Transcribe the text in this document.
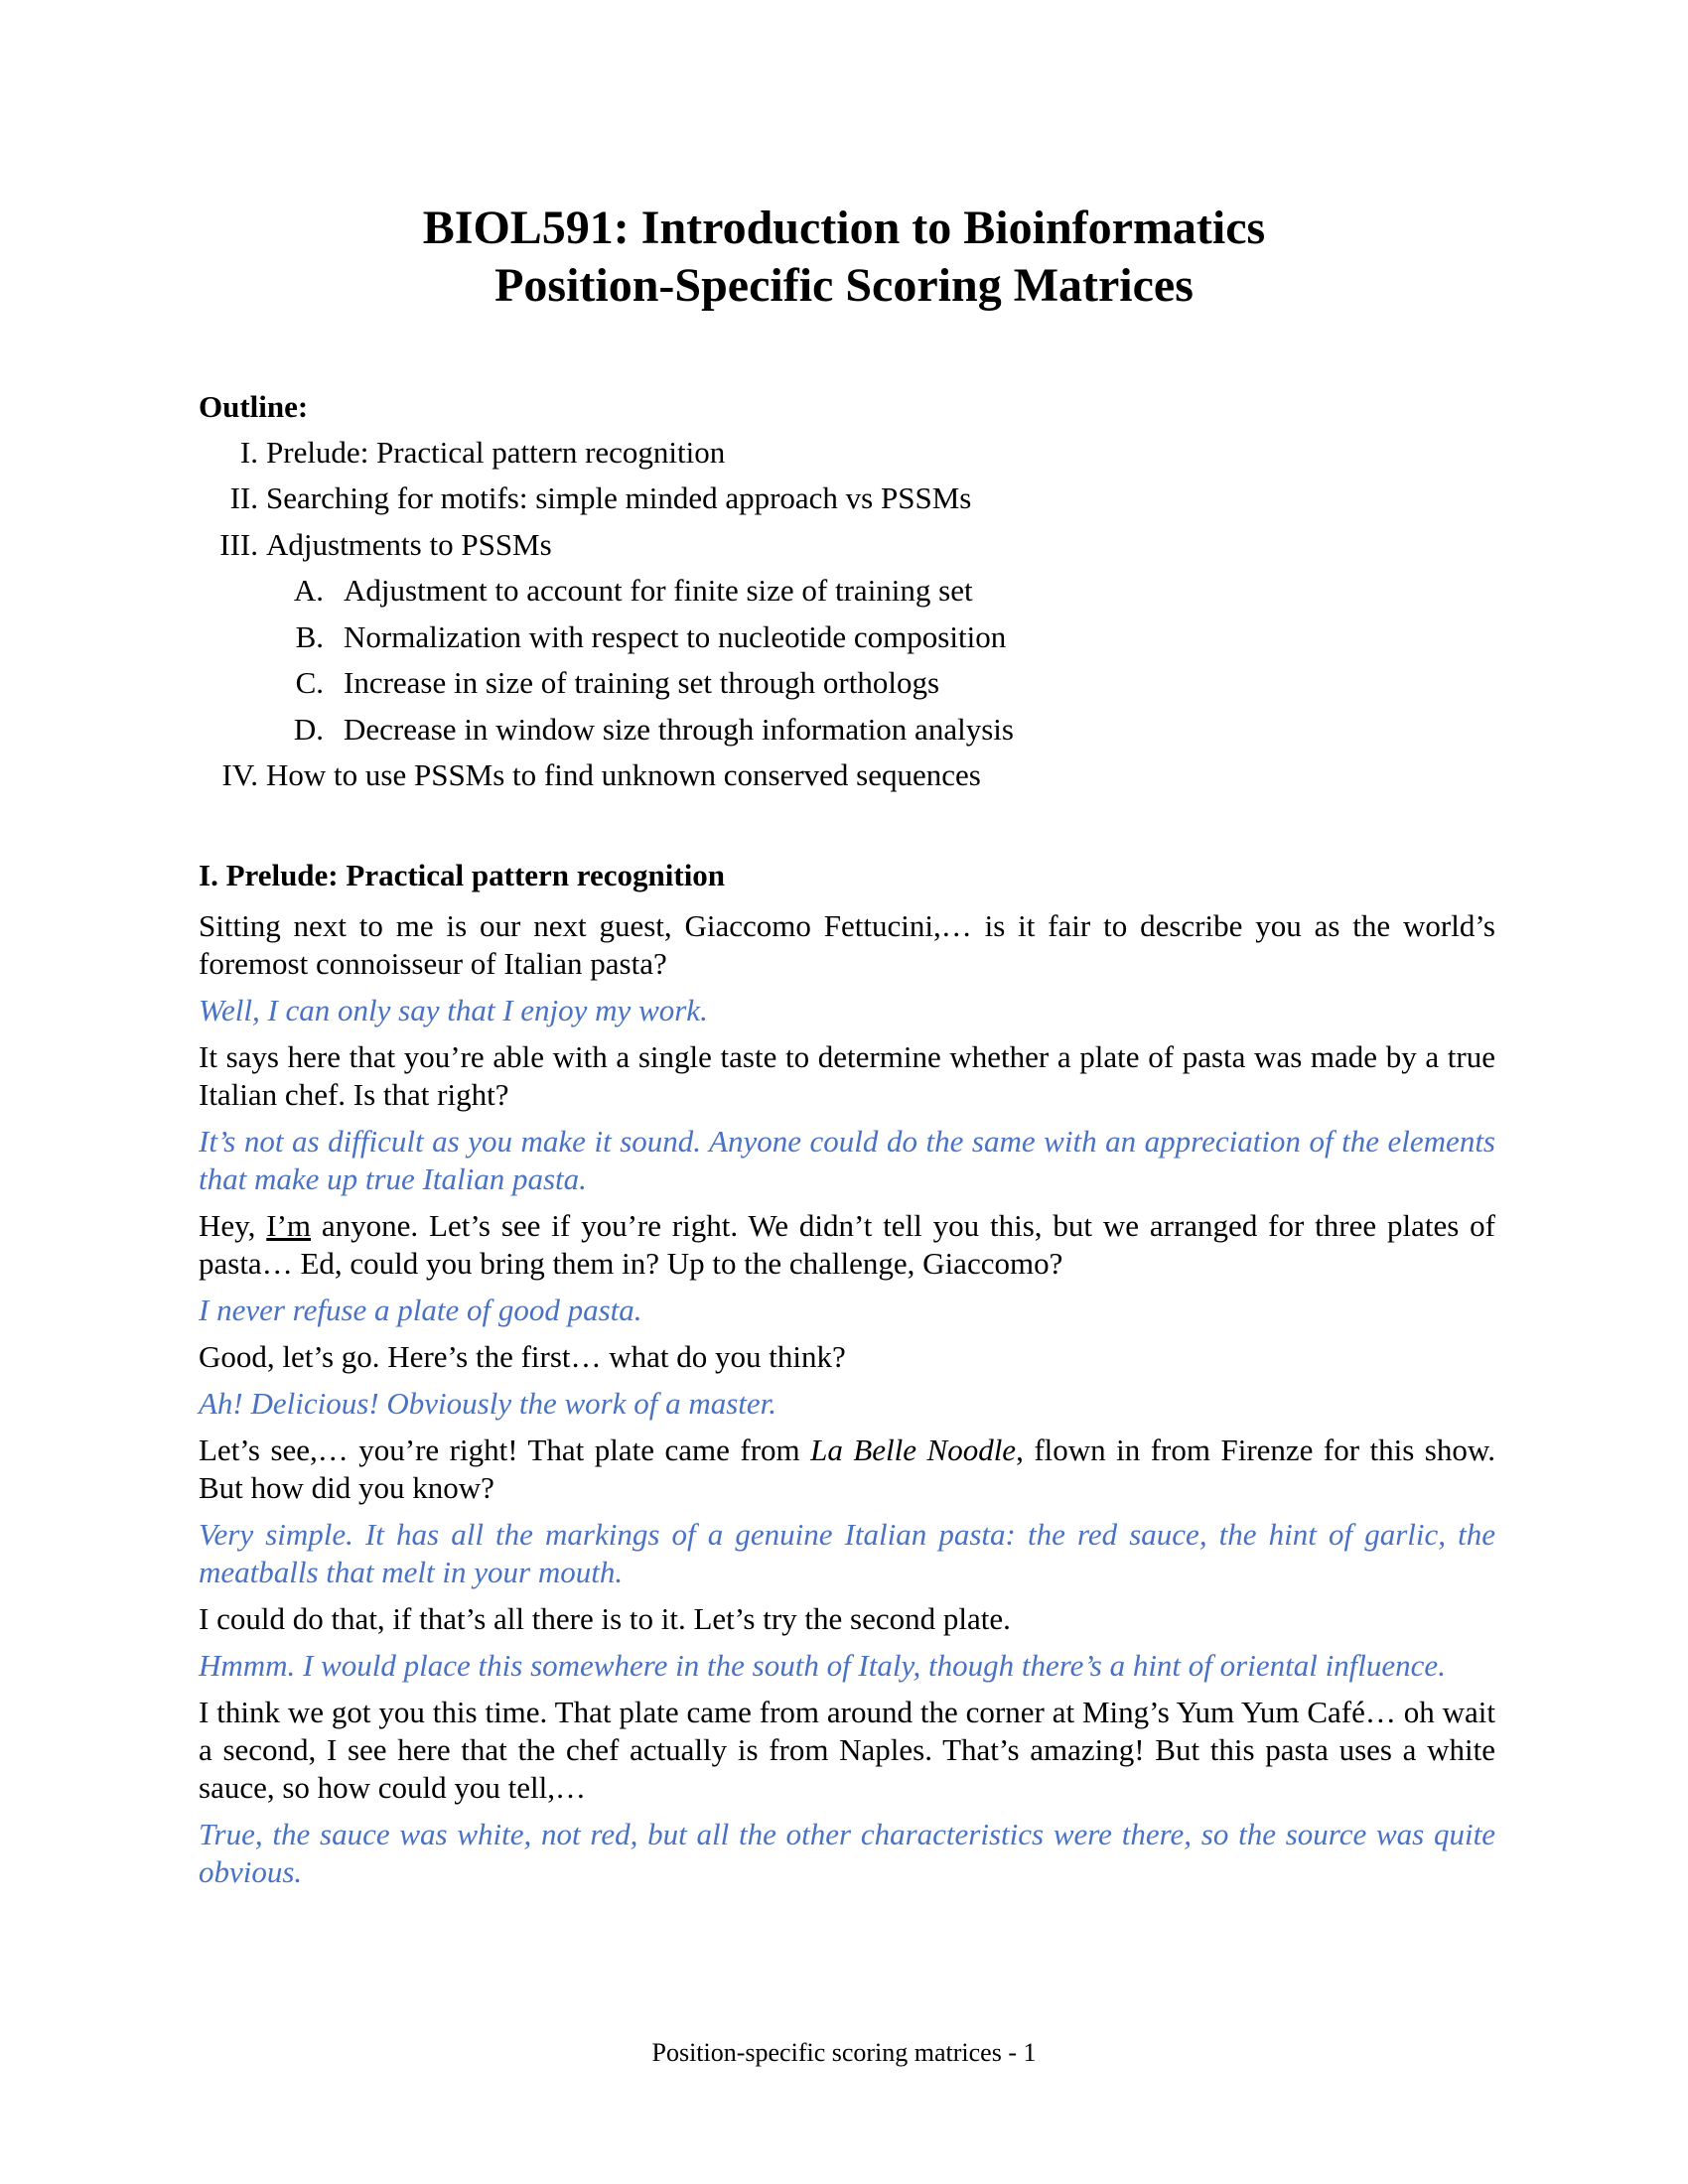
BIOL591: Introduction to Bioinformatics
Position-Specific Scoring Matrices
Outline:
I. Prelude: Practical pattern recognition
II. Searching for motifs: simple minded approach vs PSSMs
III. Adjustments to PSSMs
A. Adjustment to account for finite size of training set
B. Normalization with respect to nucleotide composition
C. Increase in size of training set through orthologs
D. Decrease in window size through information analysis
IV. How to use PSSMs to find unknown conserved sequences
I. Prelude: Practical pattern recognition

Sitting next to me is our next guest, Giaccomo Fettucini,… is it fair to describe you as the world’s foremost connoisseur of Italian pasta?

Well, I can only say that I enjoy my work.

It says here that you’re able with a single taste to determine whether a plate of pasta was made by a true Italian chef. Is that right?

It’s not as difficult as you make it sound. Anyone could do the same with an appreciation of the elements that make up true Italian pasta.

Hey, I’m anyone. Let’s see if you’re right. We didn’t tell you this, but we arranged for three plates of pasta… Ed, could you bring them in? Up to the challenge, Giaccomo?

I never refuse a plate of good pasta.

Good, let’s go. Here’s the first… what do you think?

Ah! Delicious! Obviously the work of a master.

Let’s see,… you’re right! That plate came from La Belle Noodle, flown in from Firenze for this show. But how did you know?

Very simple. It has all the markings of a genuine Italian pasta: the red sauce, the hint of garlic, the meatballs that melt in your mouth.

I could do that, if that’s all there is to it. Let’s try the second plate.

Hmmm. I would place this somewhere in the south of Italy, though there’s a hint of oriental influence.

I think we got you this time. That plate came from around the corner at Ming’s Yum Yum Café… oh wait a second, I see here that the chef actually is from Naples. That’s amazing! But this pasta uses a white sauce, so how could you tell,…

True, the sauce was white, not red, but all the other characteristics were there, so the source was quite obvious.

Position-specific scoring matrices - 1
